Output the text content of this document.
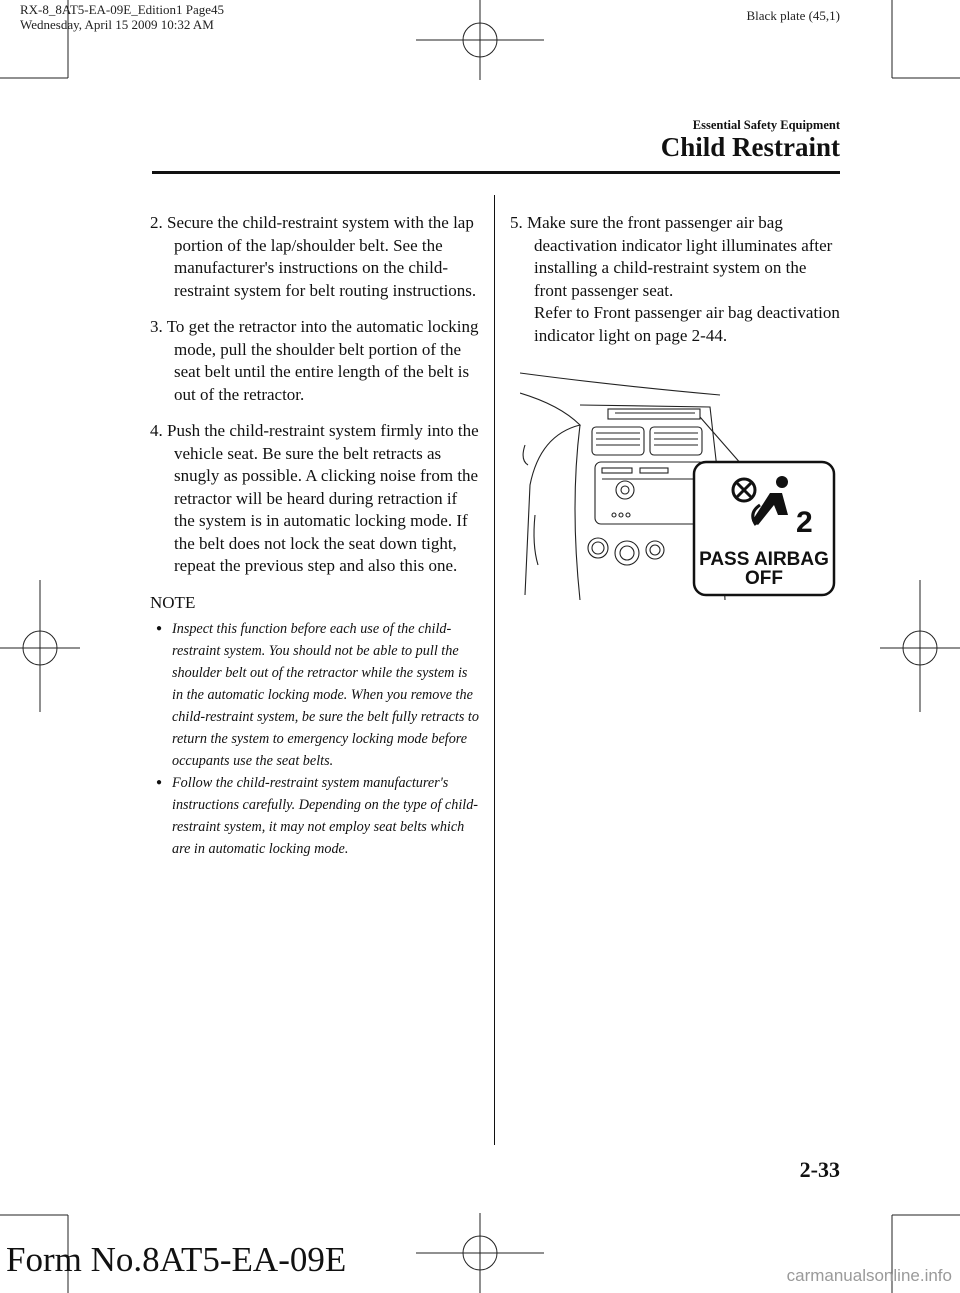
RX-8_8AT5-EA-09E_Edition1 Page45
Wednesday, April 15 2009 10:32 AM
Black plate (45,1)
Essential Safety Equipment
Child Restraint

2. Secure the child-restraint system with the lap portion of the lap/shoulder belt. See the manufacturer's instructions on the child-restraint system for belt routing instructions.

3. To get the retractor into the automatic locking mode, pull the shoulder belt portion of the seat belt until the entire length of the belt is out of the retractor.

4. Push the child-restraint system firmly into the vehicle seat. Be sure the belt retracts as snugly as possible. A clicking noise from the retractor will be heard during retraction if the system is in automatic locking mode. If the belt does not lock the seat down tight, repeat the previous step and also this one.

NOTE

● Inspect this function before each use of the child-restraint system. You should not be able to pull the shoulder belt out of the retractor while the system is in the automatic locking mode. When you remove the child-restraint system, be sure the belt fully retracts to return the system to emergency locking mode before occupants use the seat belts.

● Follow the child-restraint system manufacturer's instructions carefully. Depending on the type of child-restraint system, it may not employ seat belts which are in automatic locking mode.

5. Make sure the front passenger air bag deactivation indicator light illuminates after installing a child-restraint system on the front passenger seat.
Refer to Front passenger air bag deactivation indicator light on page 2-44.

2
PASS AIRBAG
OFF
2-33
Form No.8AT5-EA-09E	carmanualsonline.info
